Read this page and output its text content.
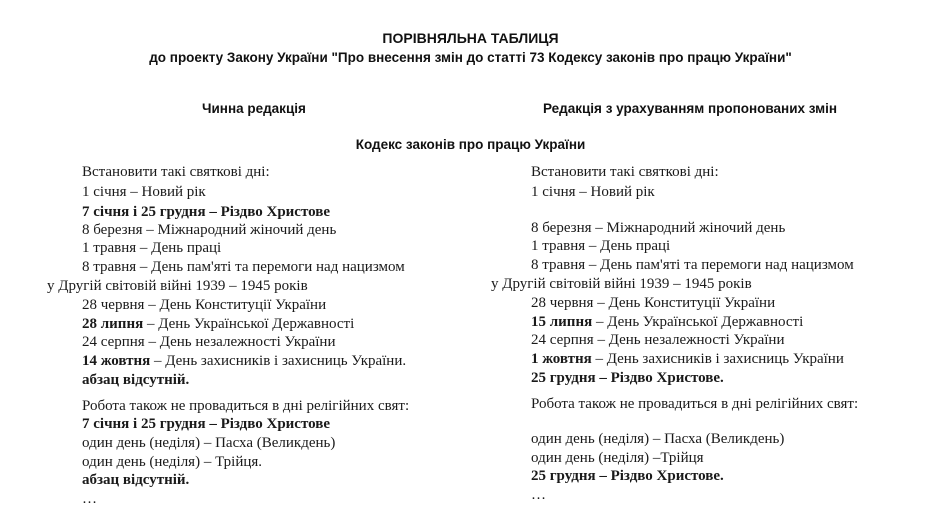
ПОРІВНЯЛЬНА ТАБЛИЦЯ
до проекту Закону України "Про внесення змін до статті 73 Кодексу законів про працю України"
Чинна редакція	Редакція з урахуванням пропонованих змін
Кодекс законів про працю України
Встановити такі святкові дні:
1 січня – Новий рік
7 січня і 25 грудня – Різдво Христове
8 березня – Міжнародний жіночий день
1 травня – День праці
8 травня – День пам'яті та перемоги над нацизмом
у Другій світовій війні 1939 – 1945 років
28 червня – День Конституції України
28 липня – День Української Державності
24 серпня – День незалежності України
14 жовтня – День захисників і захисниць України.
абзац відсутній.
Робота також не провадиться в дні релігійних свят:
7 січня і 25 грудня – Різдво Христове
один день (неділя) – Пасха (Великдень)
один день (неділя) – Трійця.
абзац відсутній.
…
Встановити такі святкові дні:
1 січня – Новий рік
8 березня – Міжнародний жіночий день
1 травня – День праці
8 травня – День пам'яті та перемоги над нацизмом
у Другій світовій війні 1939 – 1945 років
28 червня – День Конституції України
15 липня – День Української Державності
24 серпня – День незалежності України
1 жовтня – День захисників і захисниць України
25 грудня – Різдво Христове.
Робота також не провадиться в дні релігійних свят:
один день (неділя) – Пасха (Великдень)
один день (неділя) –Трійця
25 грудня – Різдво Христове.
…
